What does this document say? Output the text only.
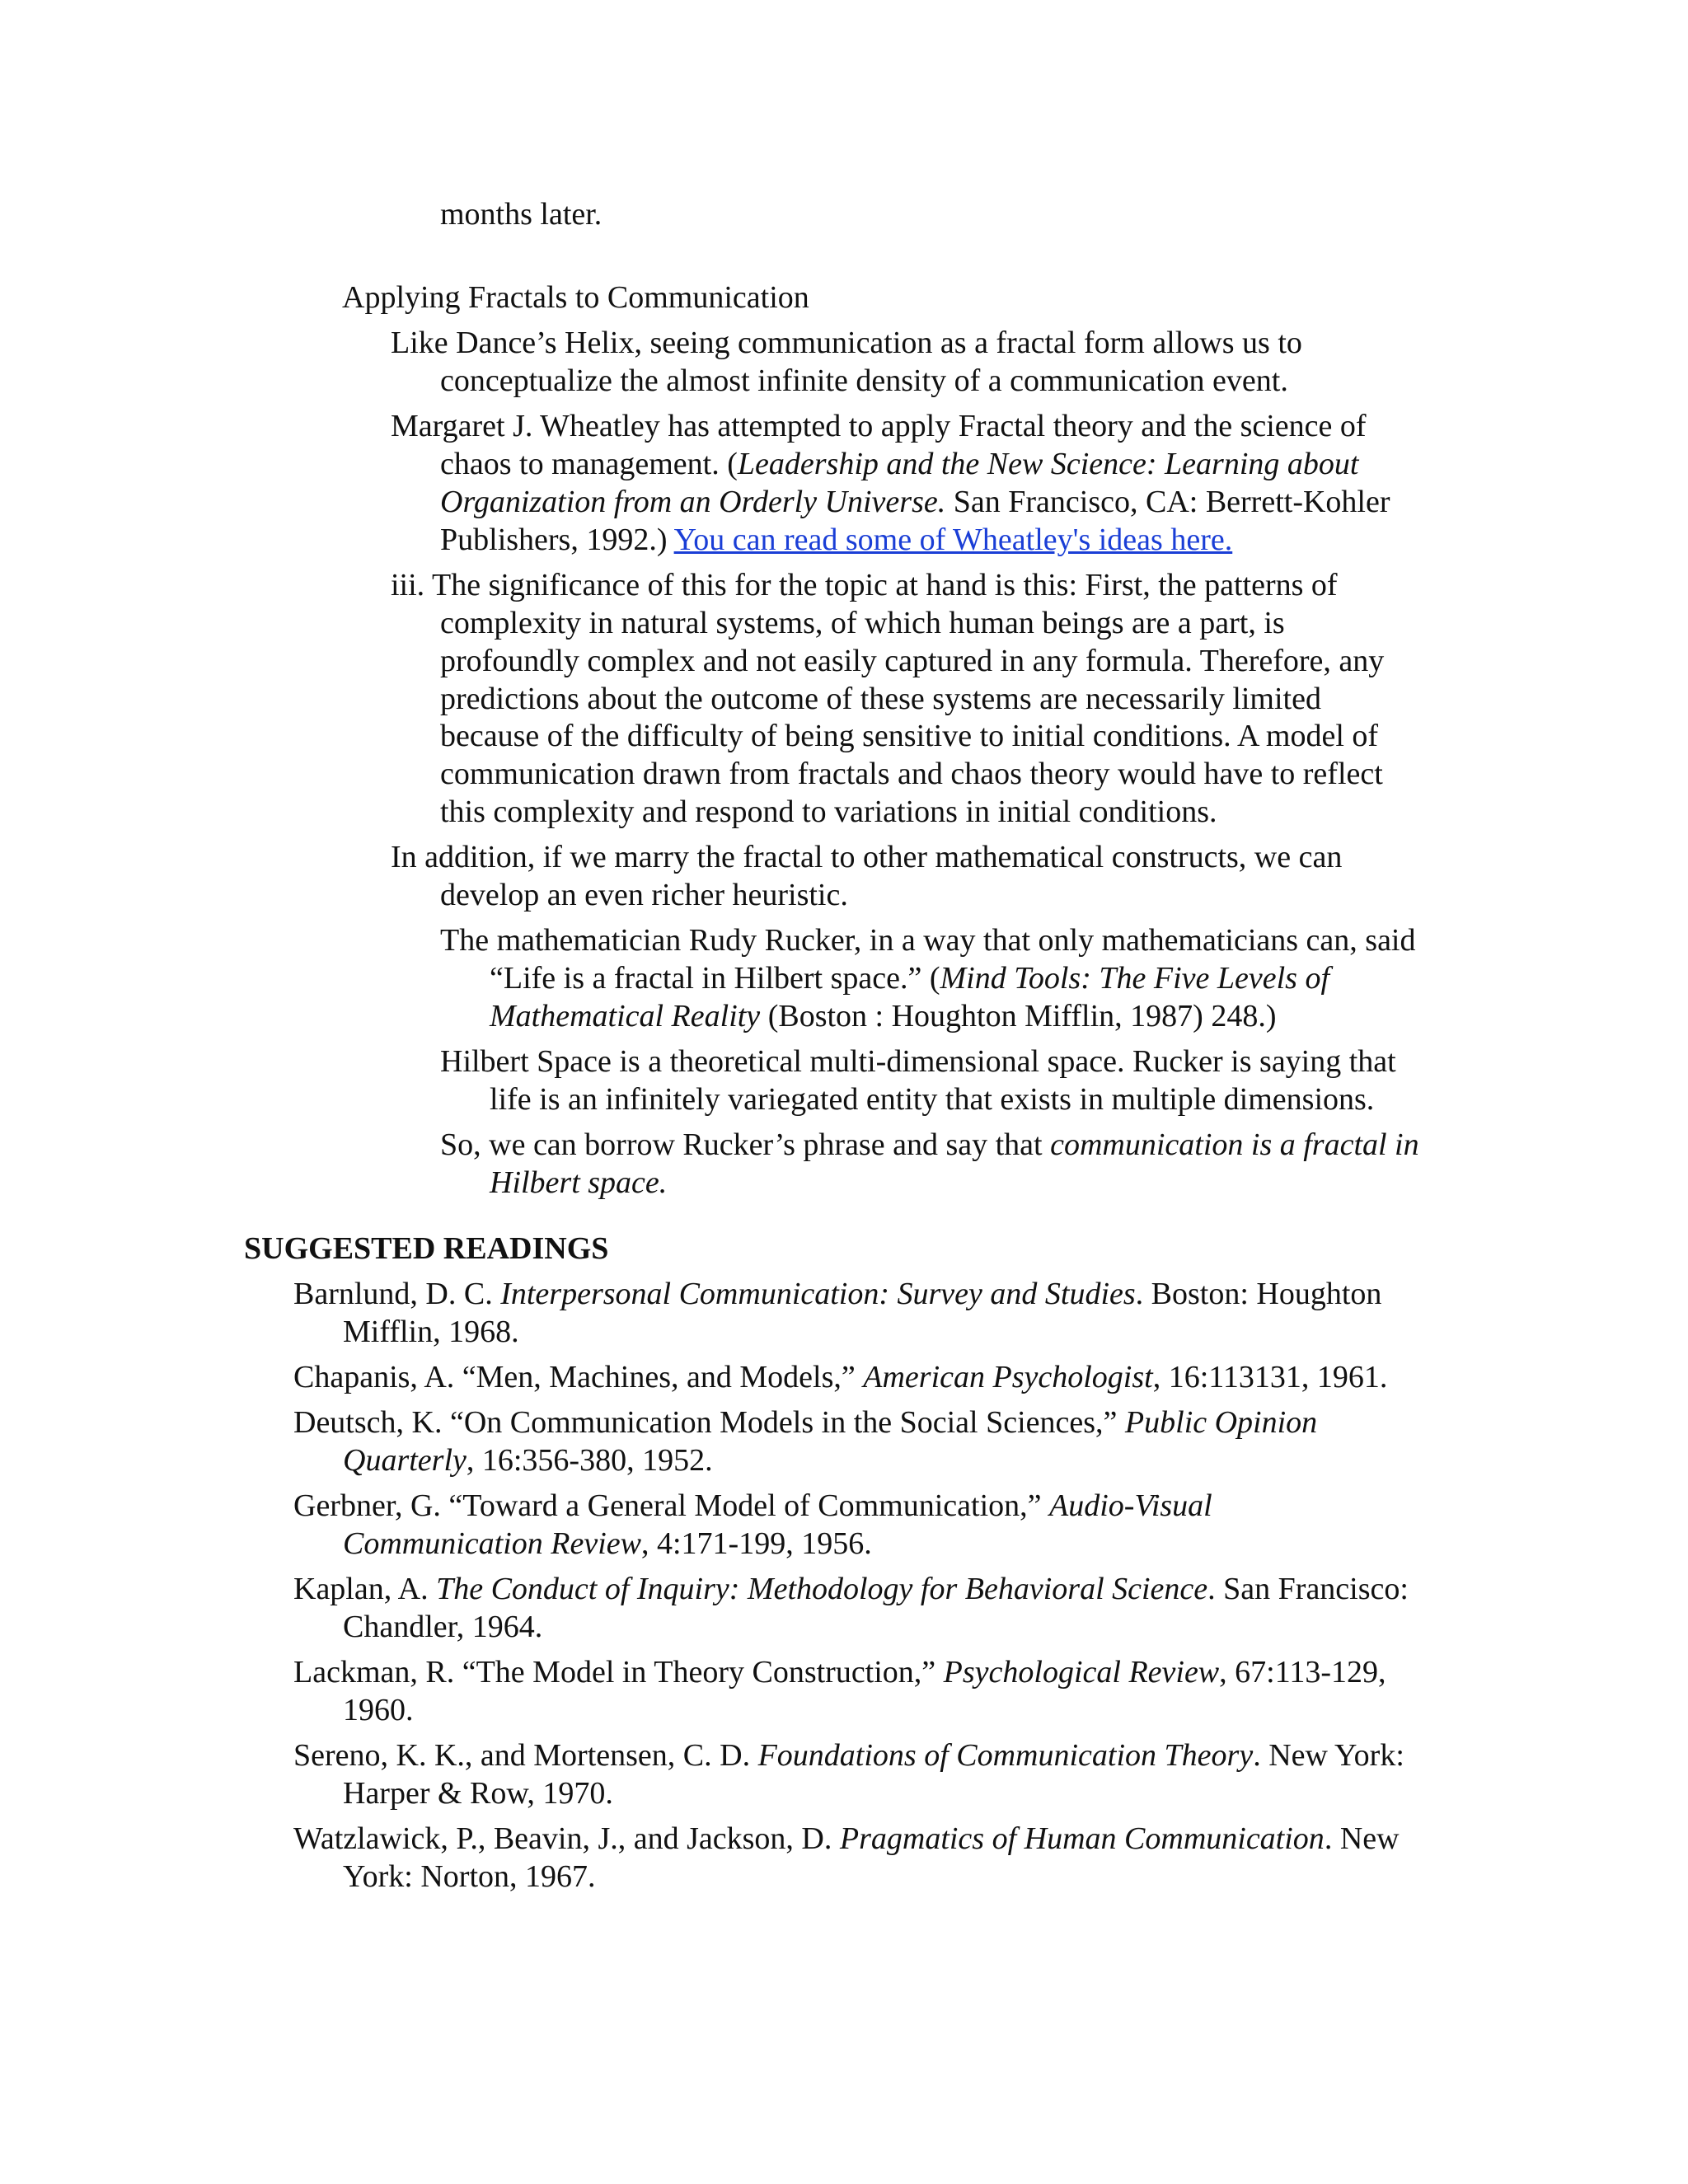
months later.

Applying Fractals to Communication

Like Dance’s Helix, seeing communication as a fractal form allows us to

conceptualize the almost infinite density of a communication event.

Margaret J. Wheatley has attempted to apply Fractal theory and the science of

chaos to management. (Leadership and the New Science: Learning about

Organization from an Orderly Universe. San Francisco, CA: Berrett-Kohler

Publishers, 1992.) You can read some of Wheatley's ideas here.

iii. The significance of this for the topic at hand is this: First, the patterns of

complexity in natural systems, of which human beings are a part, is

profoundly complex and not easily captured in any formula. Therefore, any

predictions about the outcome of these systems are necessarily limited

because of the difficulty of being sensitive to initial conditions. A model of

communication drawn from fractals and chaos theory would have to reflect

this complexity and respond to variations in initial conditions.

In addition, if we marry the fractal to other mathematical constructs, we can

develop an even richer heuristic.

The mathematician Rudy Rucker, in a way that only mathematicians can, said

“Life is a fractal in Hilbert space.” (Mind Tools: The Five Levels of

Mathematical Reality (Boston : Houghton Mifflin, 1987) 248.)

Hilbert Space is a theoretical multi-dimensional space. Rucker is saying that

life is an infinitely variegated entity that exists in multiple dimensions.

So, we can borrow Rucker’s phrase and say that communication is a fractal in

Hilbert space.

SUGGESTED READINGS

Barnlund, D. C. Interpersonal Communication: Survey and Studies. Boston: Houghton

Mifflin, 1968.

Chapanis, A. “Men, Machines, and Models,” American Psychologist, 16:113131, 1961.

Deutsch, K. “On Communication Models in the Social Sciences,” Public Opinion

Quarterly, 16:356-380, 1952.

Gerbner, G. “Toward a General Model of Communication,” Audio-Visual

Communication Review, 4:171-199, 1956.

Kaplan, A. The Conduct of Inquiry: Methodology for Behavioral Science. San Francisco:

Chandler, 1964.

Lackman, R. “The Model in Theory Construction,” Psychological Review, 67:113-129,

1960.

Sereno, K. K., and Mortensen, C. D. Foundations of Communication Theory. New York:

Harper & Row, 1970.

Watzlawick, P., Beavin, J., and Jackson, D. Pragmatics of Human Communication. New

York: Norton, 1967.
